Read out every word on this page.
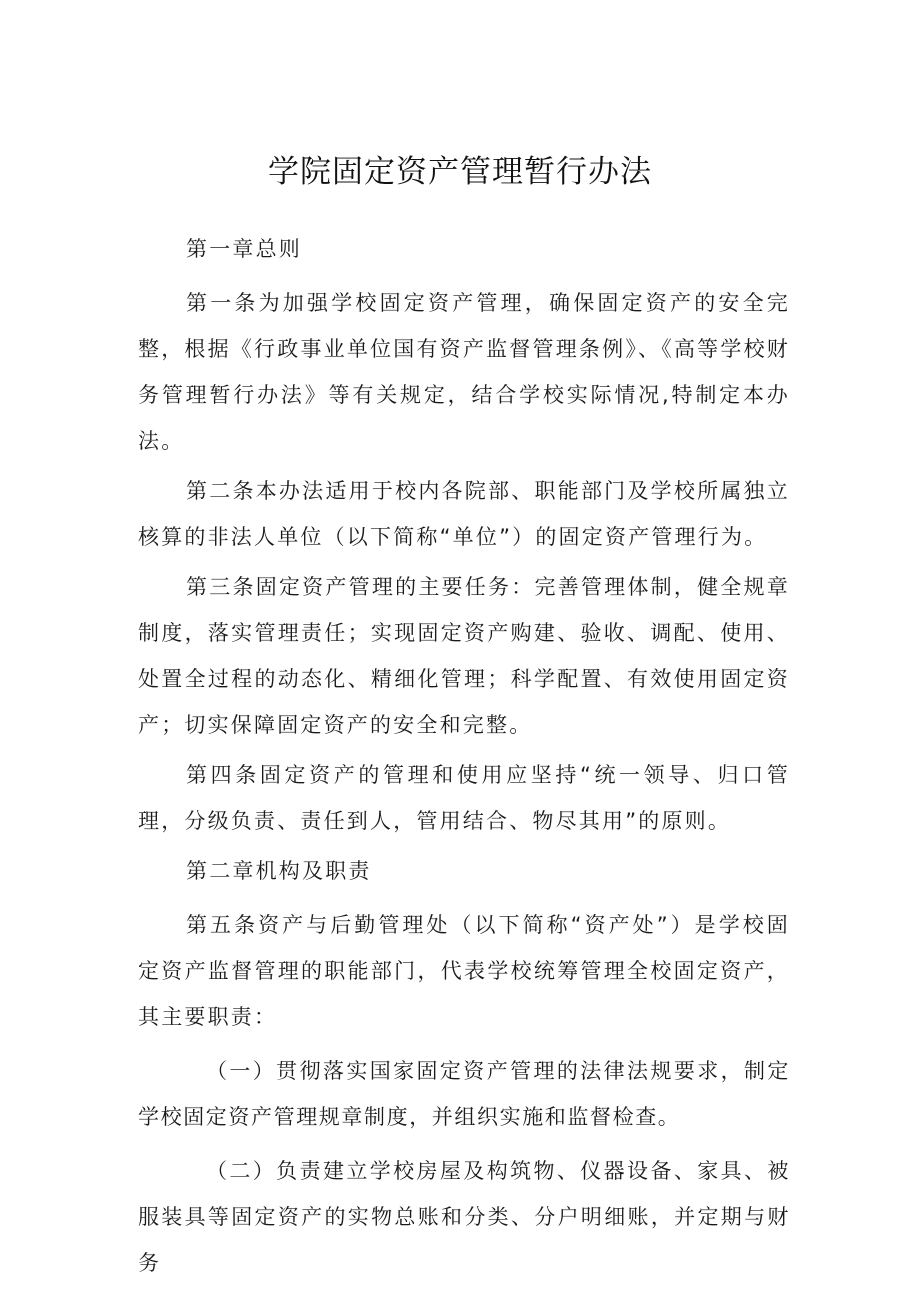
学院固定资产管理暂行办法

第一章总则

第一条为加强学校固定资产管理，确保固定资产的安全完整，根据《行政事业单位国有资产监督管理条例》、《高等学校财务管理暂行办法》等有关规定，结合学校实际情况,特制定本办法。

第二条本办法适用于校内各院部、职能部门及学校所属独立核算的非法人单位（以下简称“单位”）的固定资产管理行为。

第三条固定资产管理的主要任务：完善管理体制，健全规章制度，落实管理责任；实现固定资产购建、验收、调配、使用、处置全过程的动态化、精细化管理；科学配置、有效使用固定资产；切实保障固定资产的安全和完整。

第四条固定资产的管理和使用应坚持“统一领导、归口管理，分级负责、责任到人，管用结合、物尽其用”的原则。

第二章机构及职责

第五条资产与后勤管理处（以下简称“资产处”）是学校固定资产监督管理的职能部门，代表学校统筹管理全校固定资产，其主要职责：

（一）贯彻落实国家固定资产管理的法律法规要求，制定学校固定资产管理规章制度，并组织实施和监督检查。

（二）负责建立学校房屋及构筑物、仪器设备、家具、被服装具等固定资产的实物总账和分类、分户明细账，并定期与财务
